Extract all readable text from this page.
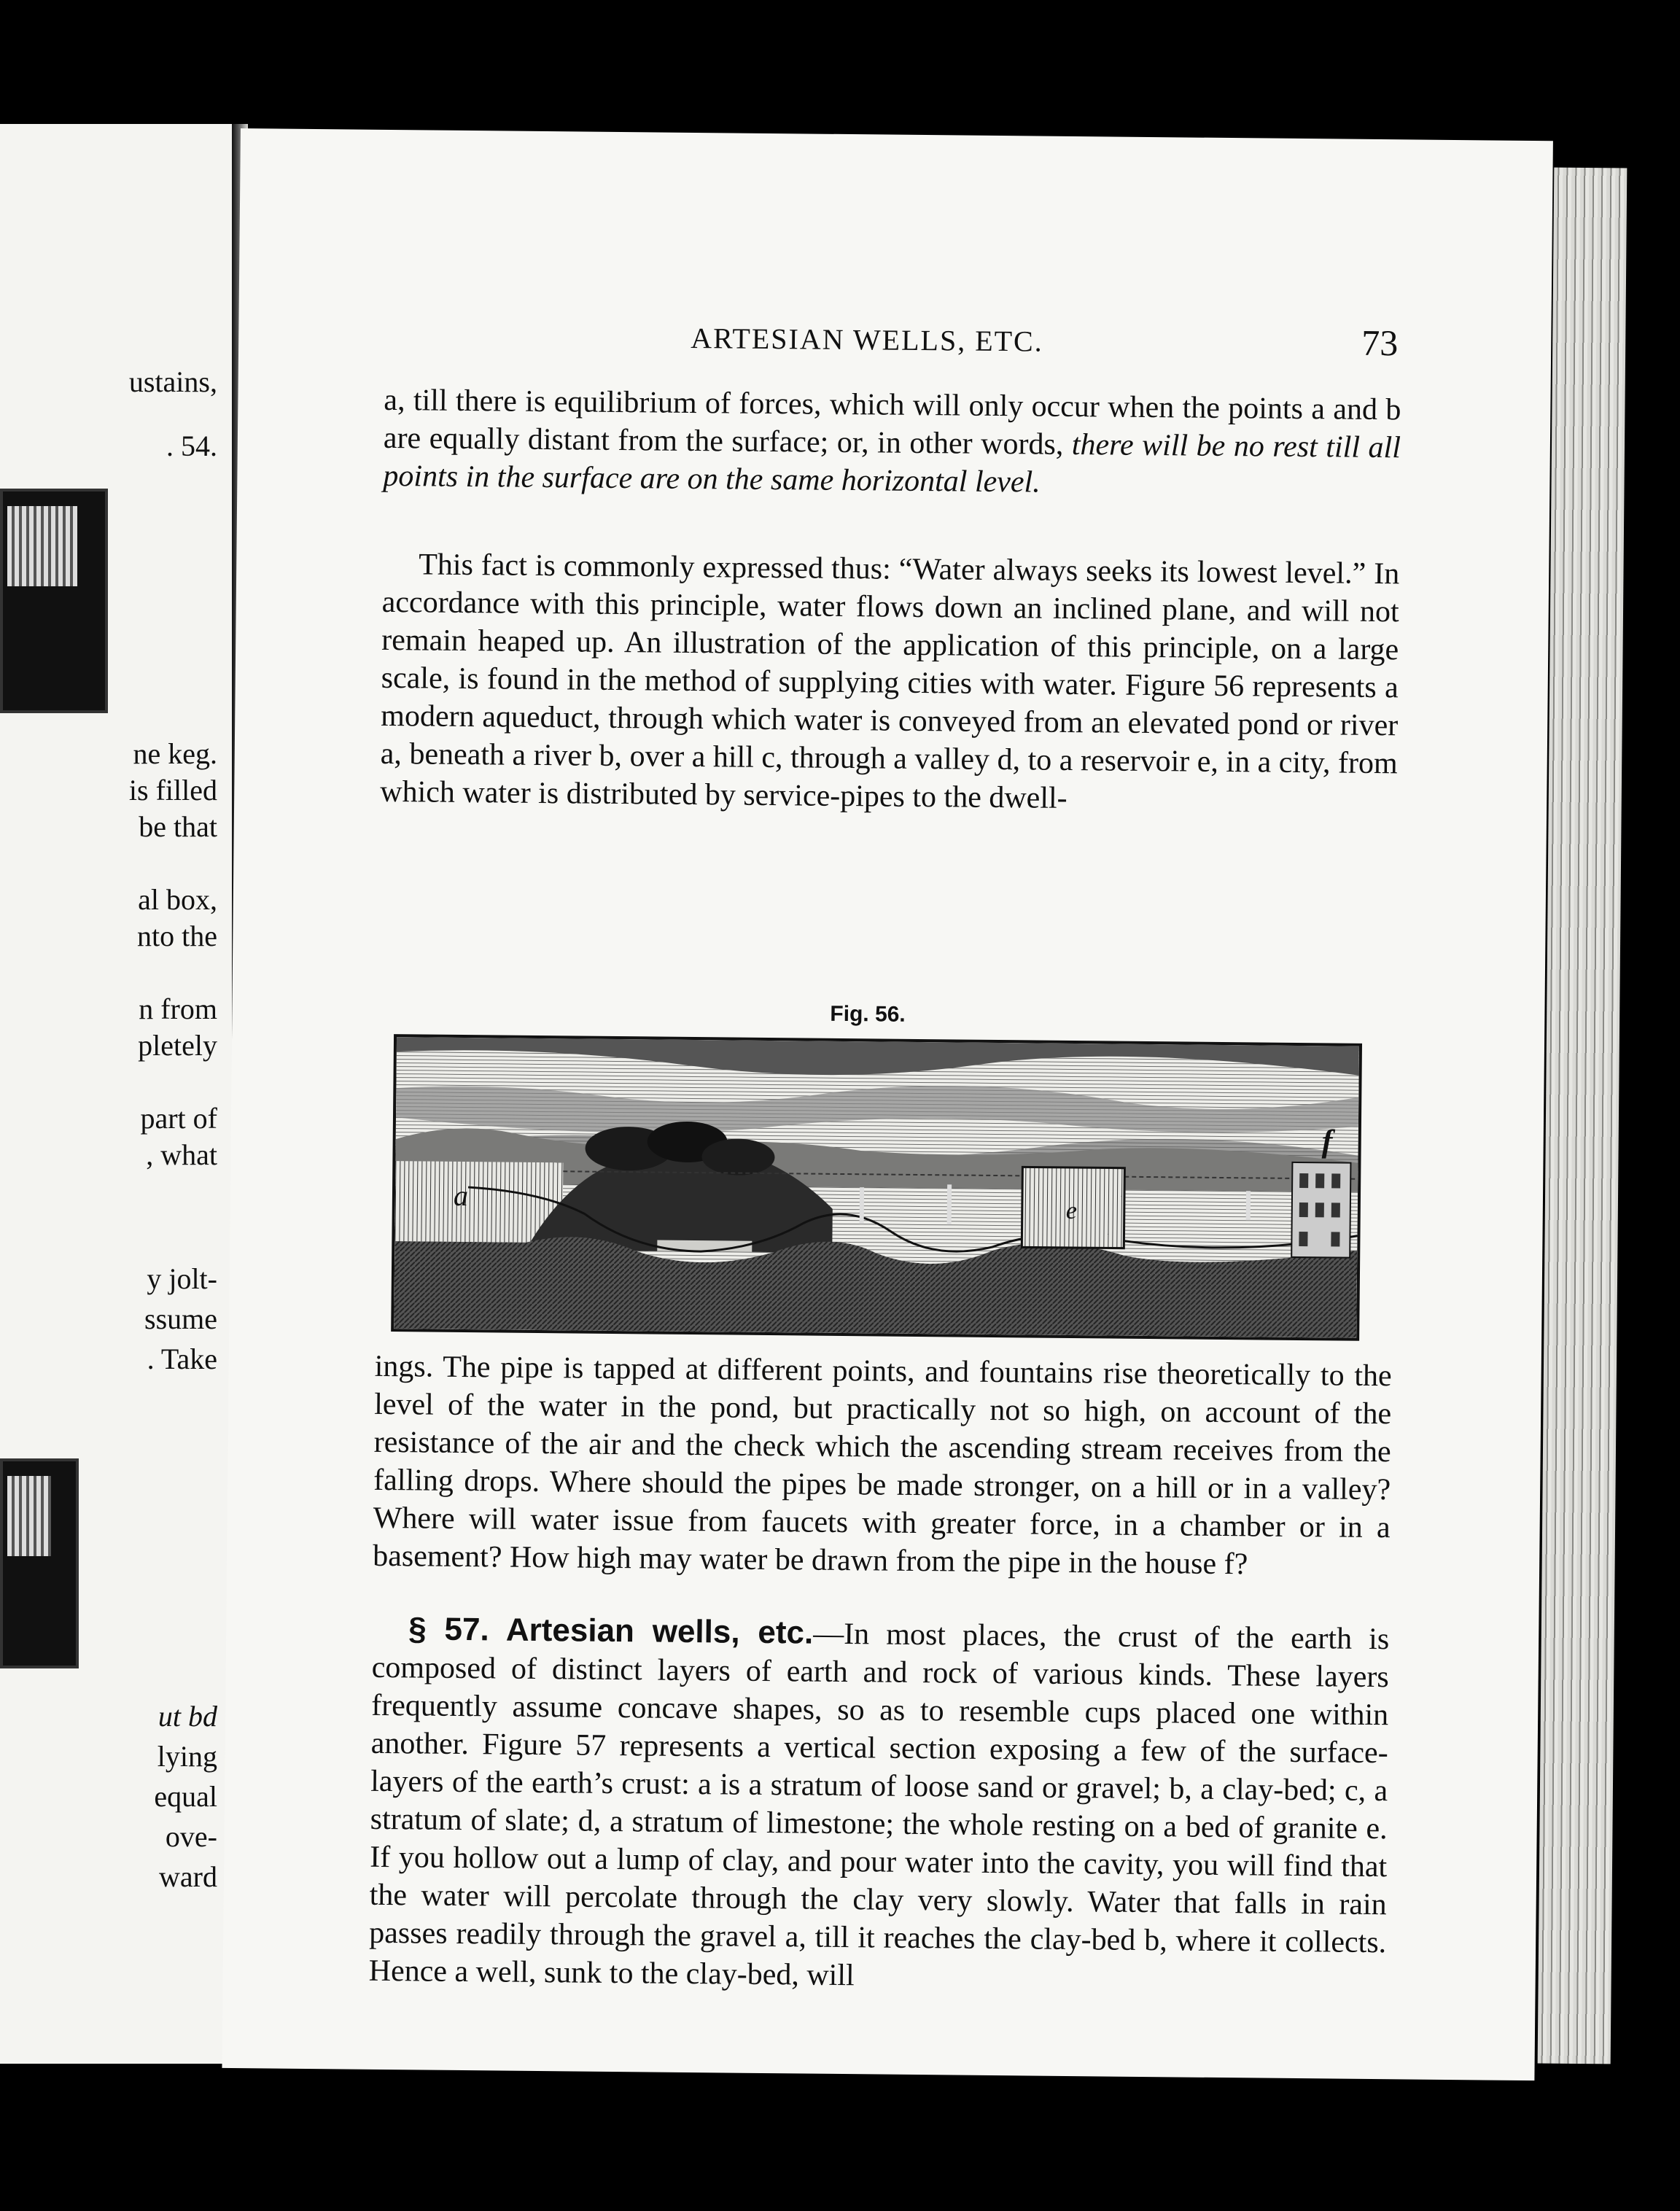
ustains,
. 54.
ne keg.
is filled
be that
al box,
nto the
n from
pletely
part of
, what
y jolt-
ssume
. Take
ut bd
lying
equal
ove-
ward
ARTESIAN WELLS, ETC.	73

a, till there is equilibrium of forces, which will only occur when the points a and b are equally distant from the surface; or, in other words, there will be no rest till all points in the surface are on the same horizontal level.

This fact is commonly expressed thus: “Water always seeks its lowest level.” In accordance with this principle, water flows down an inclined plane, and will not remain heaped up. An illustration of the application of this principle, on a large scale, is found in the method of supplying cities with water. Figure 56 represents a modern aqueduct, through which water is conveyed from an elevated pond or river a, beneath a river b, over a hill c, through a valley d, to a reservoir e, in a city, from which water is distributed by service-pipes to the dwell-

Fig. 56.
a	e
f

ings. The pipe is tapped at different points, and fountains rise theoretically to the level of the water in the pond, but practically not so high, on account of the resistance of the air and the check which the ascending stream receives from the falling drops. Where should the pipes be made stronger, on a hill or in a valley? Where will water issue from faucets with greater force, in a chamber or in a basement? How high may water be drawn from the pipe in the house f?

§ 57. Artesian wells, etc.—In most places, the crust of the earth is composed of distinct layers of earth and rock of various kinds. These layers frequently assume concave shapes, so as to resemble cups placed one within another. Figure 57 represents a vertical section exposing a few of the surface-layers of the earth’s crust: a is a stratum of loose sand or gravel; b, a clay-bed; c, a stratum of slate; d, a stratum of limestone; the whole resting on a bed of granite e. If you hollow out a lump of clay, and pour water into the cavity, you will find that the water will percolate through the clay very slowly. Water that falls in rain passes readily through the gravel a, till it reaches the clay-bed b, where it collects. Hence a well, sunk to the clay-bed, will
